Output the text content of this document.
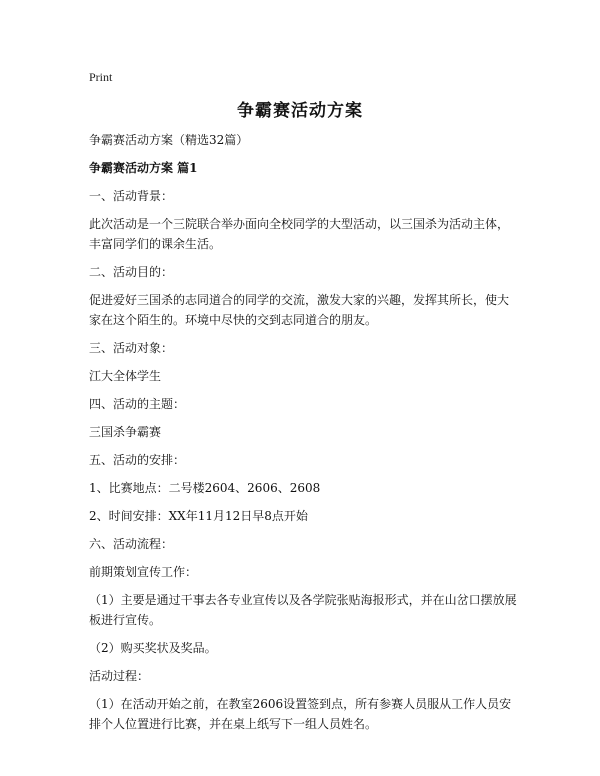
Print
争霸赛活动方案

争霸赛活动方案（精选32篇）

争霸赛活动方案 篇1

一、活动背景：

此次活动是一个三院联合举办面向全校同学的大型活动，以三国杀为活动主体，丰富同学们的课余生活。

二、活动目的：

促进爱好三国杀的志同道合的同学的交流，激发大家的兴趣，发挥其所长，使大家在这个陌生的。环境中尽快的交到志同道合的朋友。

三、活动对象：

江大全体学生

四、活动的主题：

三国杀争霸赛

五、活动的安排：

1、比赛地点：二号楼2604、2606、2608

2、时间安排：XX年11月12日早8点开始

六、活动流程：

前期策划宣传工作：

（1）主要是通过干事去各专业宣传以及各学院张贴海报形式，并在山岔口摆放展板进行宣传。

（2）购买奖状及奖品。

活动过程：

（1）在活动开始之前，在教室2606设置签到点，所有参赛人员服从工作人员安排个人位置进行比赛，并在桌上纸写下一组人员姓名。
